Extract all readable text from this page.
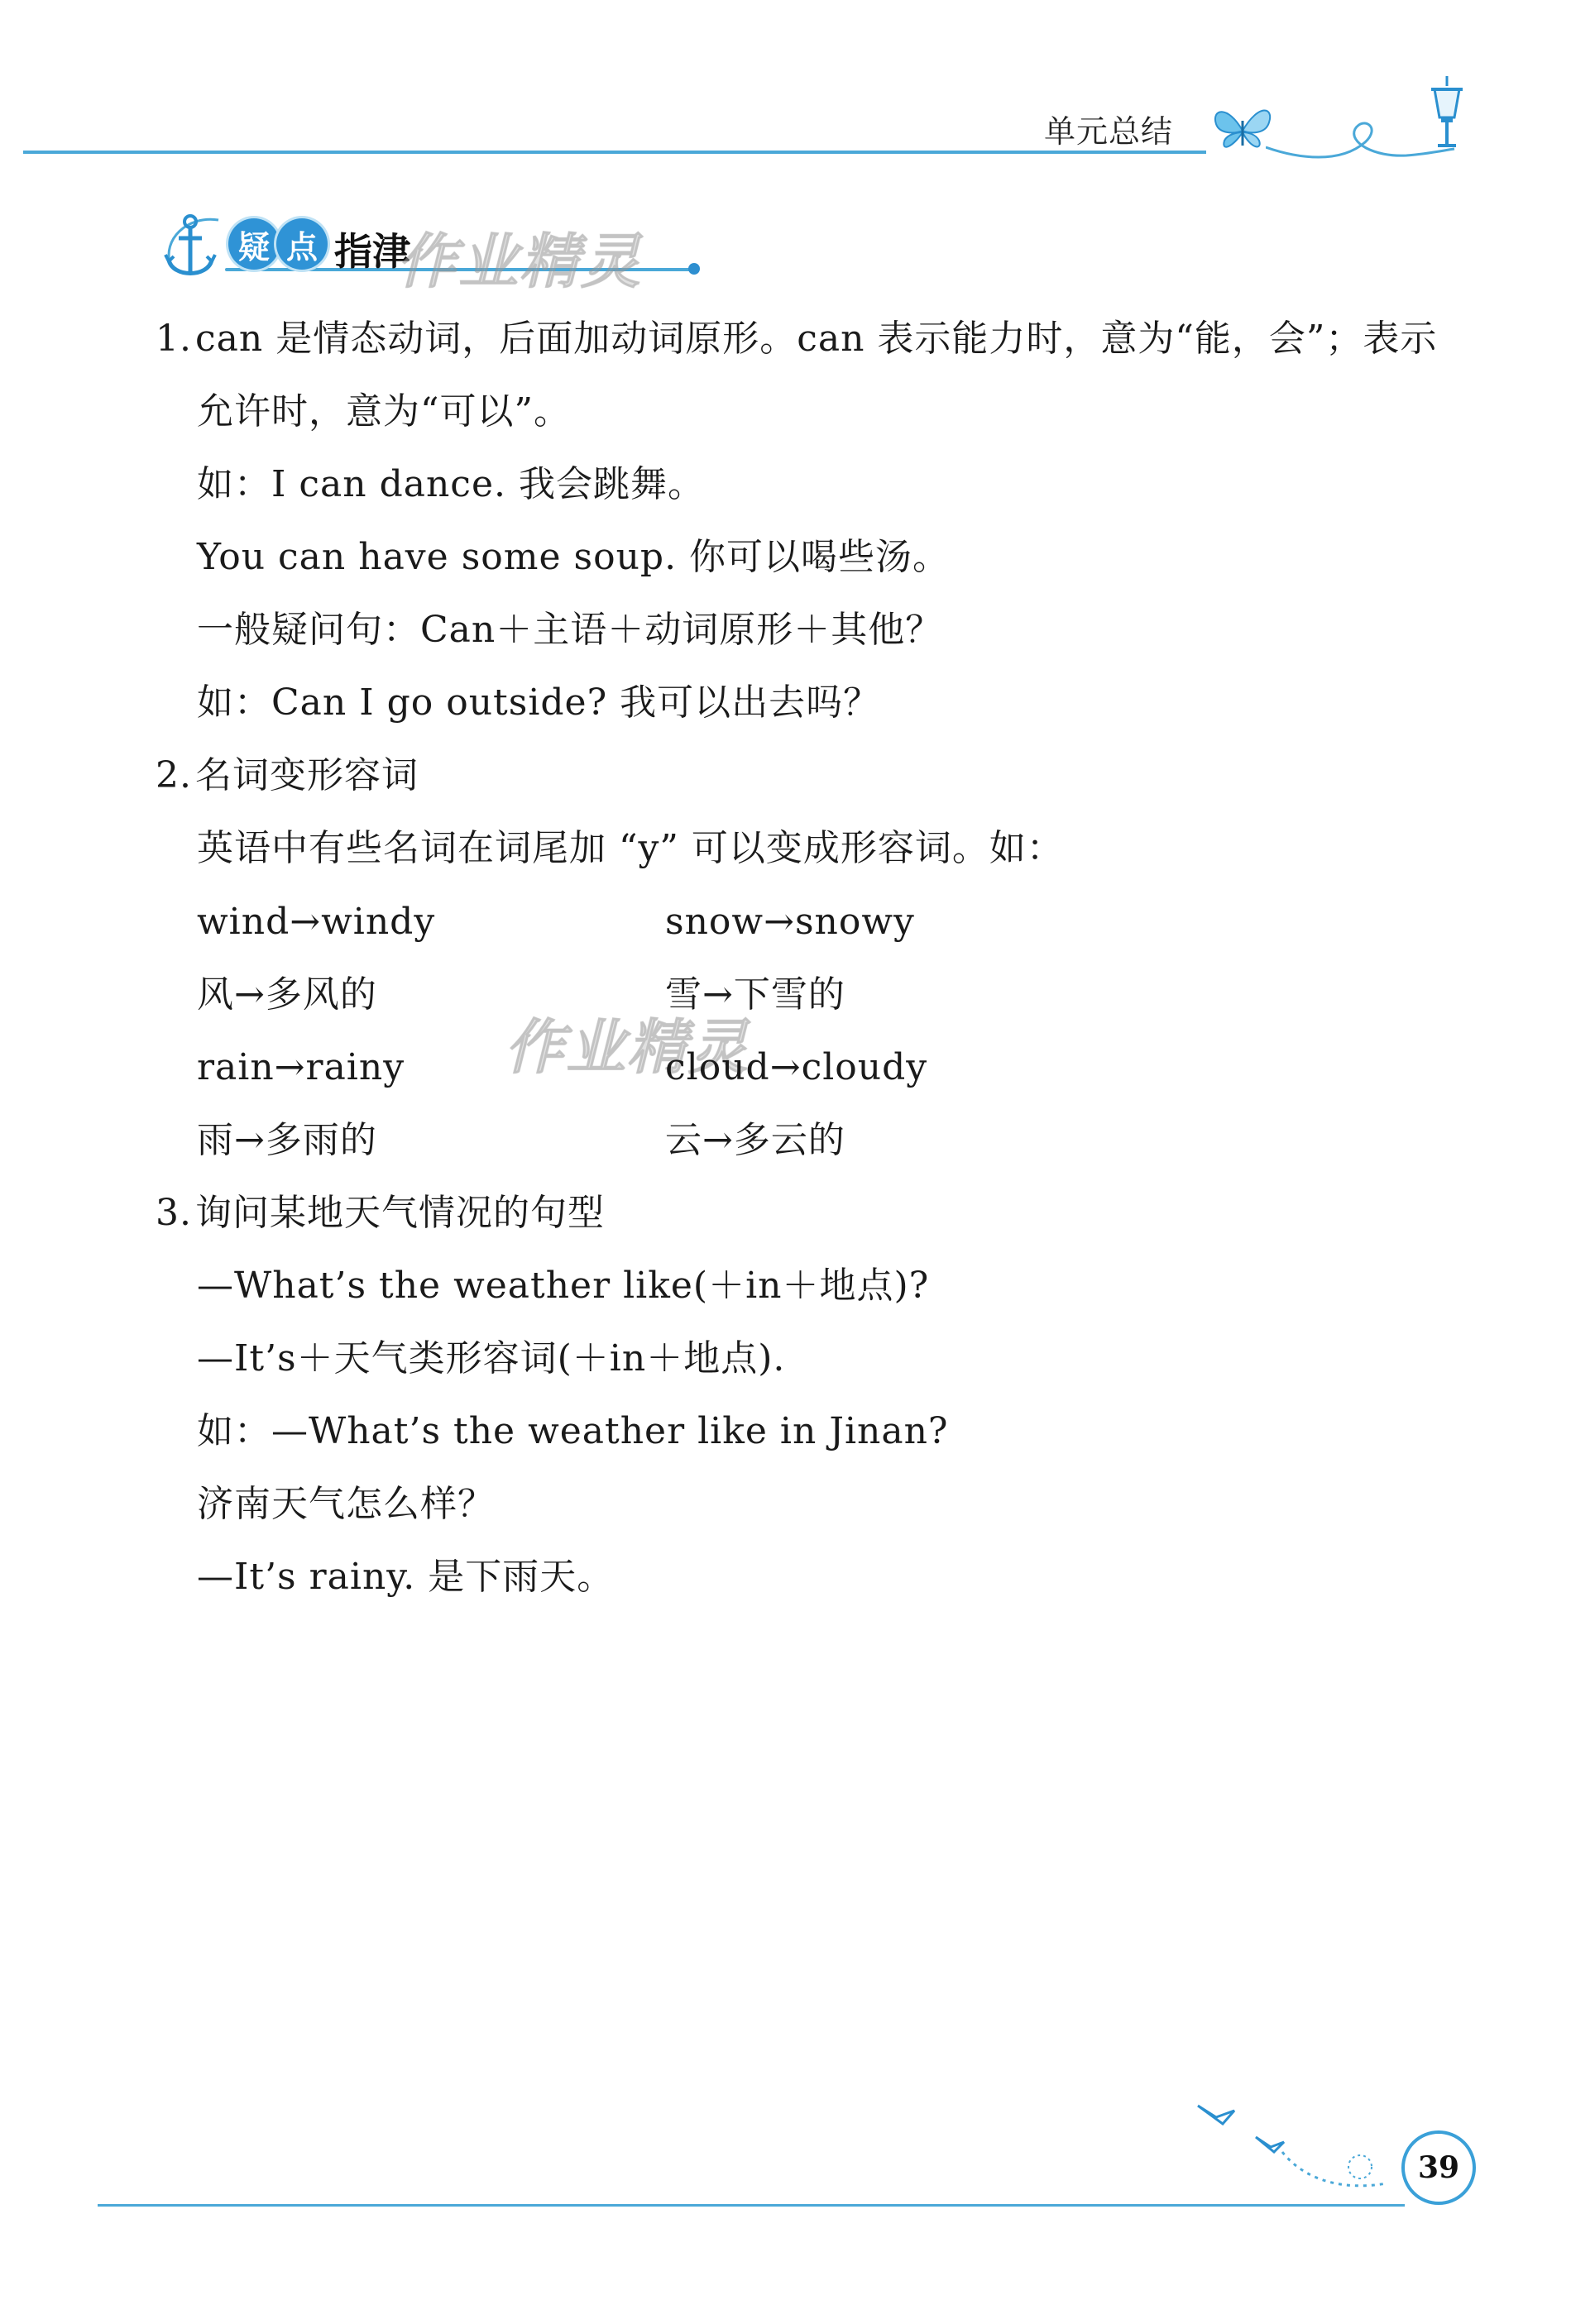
单元总结
疑 点 指津
作业精灵
作业精灵
1. can 是情态动词，后面加动词原形。can 表示能力时，意为“能，会”；表示
允许时，意为“可以”。
如：I can dance. 我会跳舞。
You can have some soup. 你可以喝些汤。
一般疑问句：Can＋主语＋动词原形＋其他？
如：Can I go outside? 我可以出去吗？
2. 名词变形容词
英语中有些名词在词尾加 “y” 可以变成形容词。如：
wind→windy	snow→snowy
风→多风的	雪→下雪的
rain→rainy	cloud→cloudy
雨→多雨的	云→多云的
3. 询问某地天气情况的句型
—What’s the weather like(＋in＋地点)?
—It’s＋天气类形容词(＋in＋地点).
如：—What’s the weather like in Jinan?
济南天气怎么样？
—It’s rainy. 是下雨天。
39
